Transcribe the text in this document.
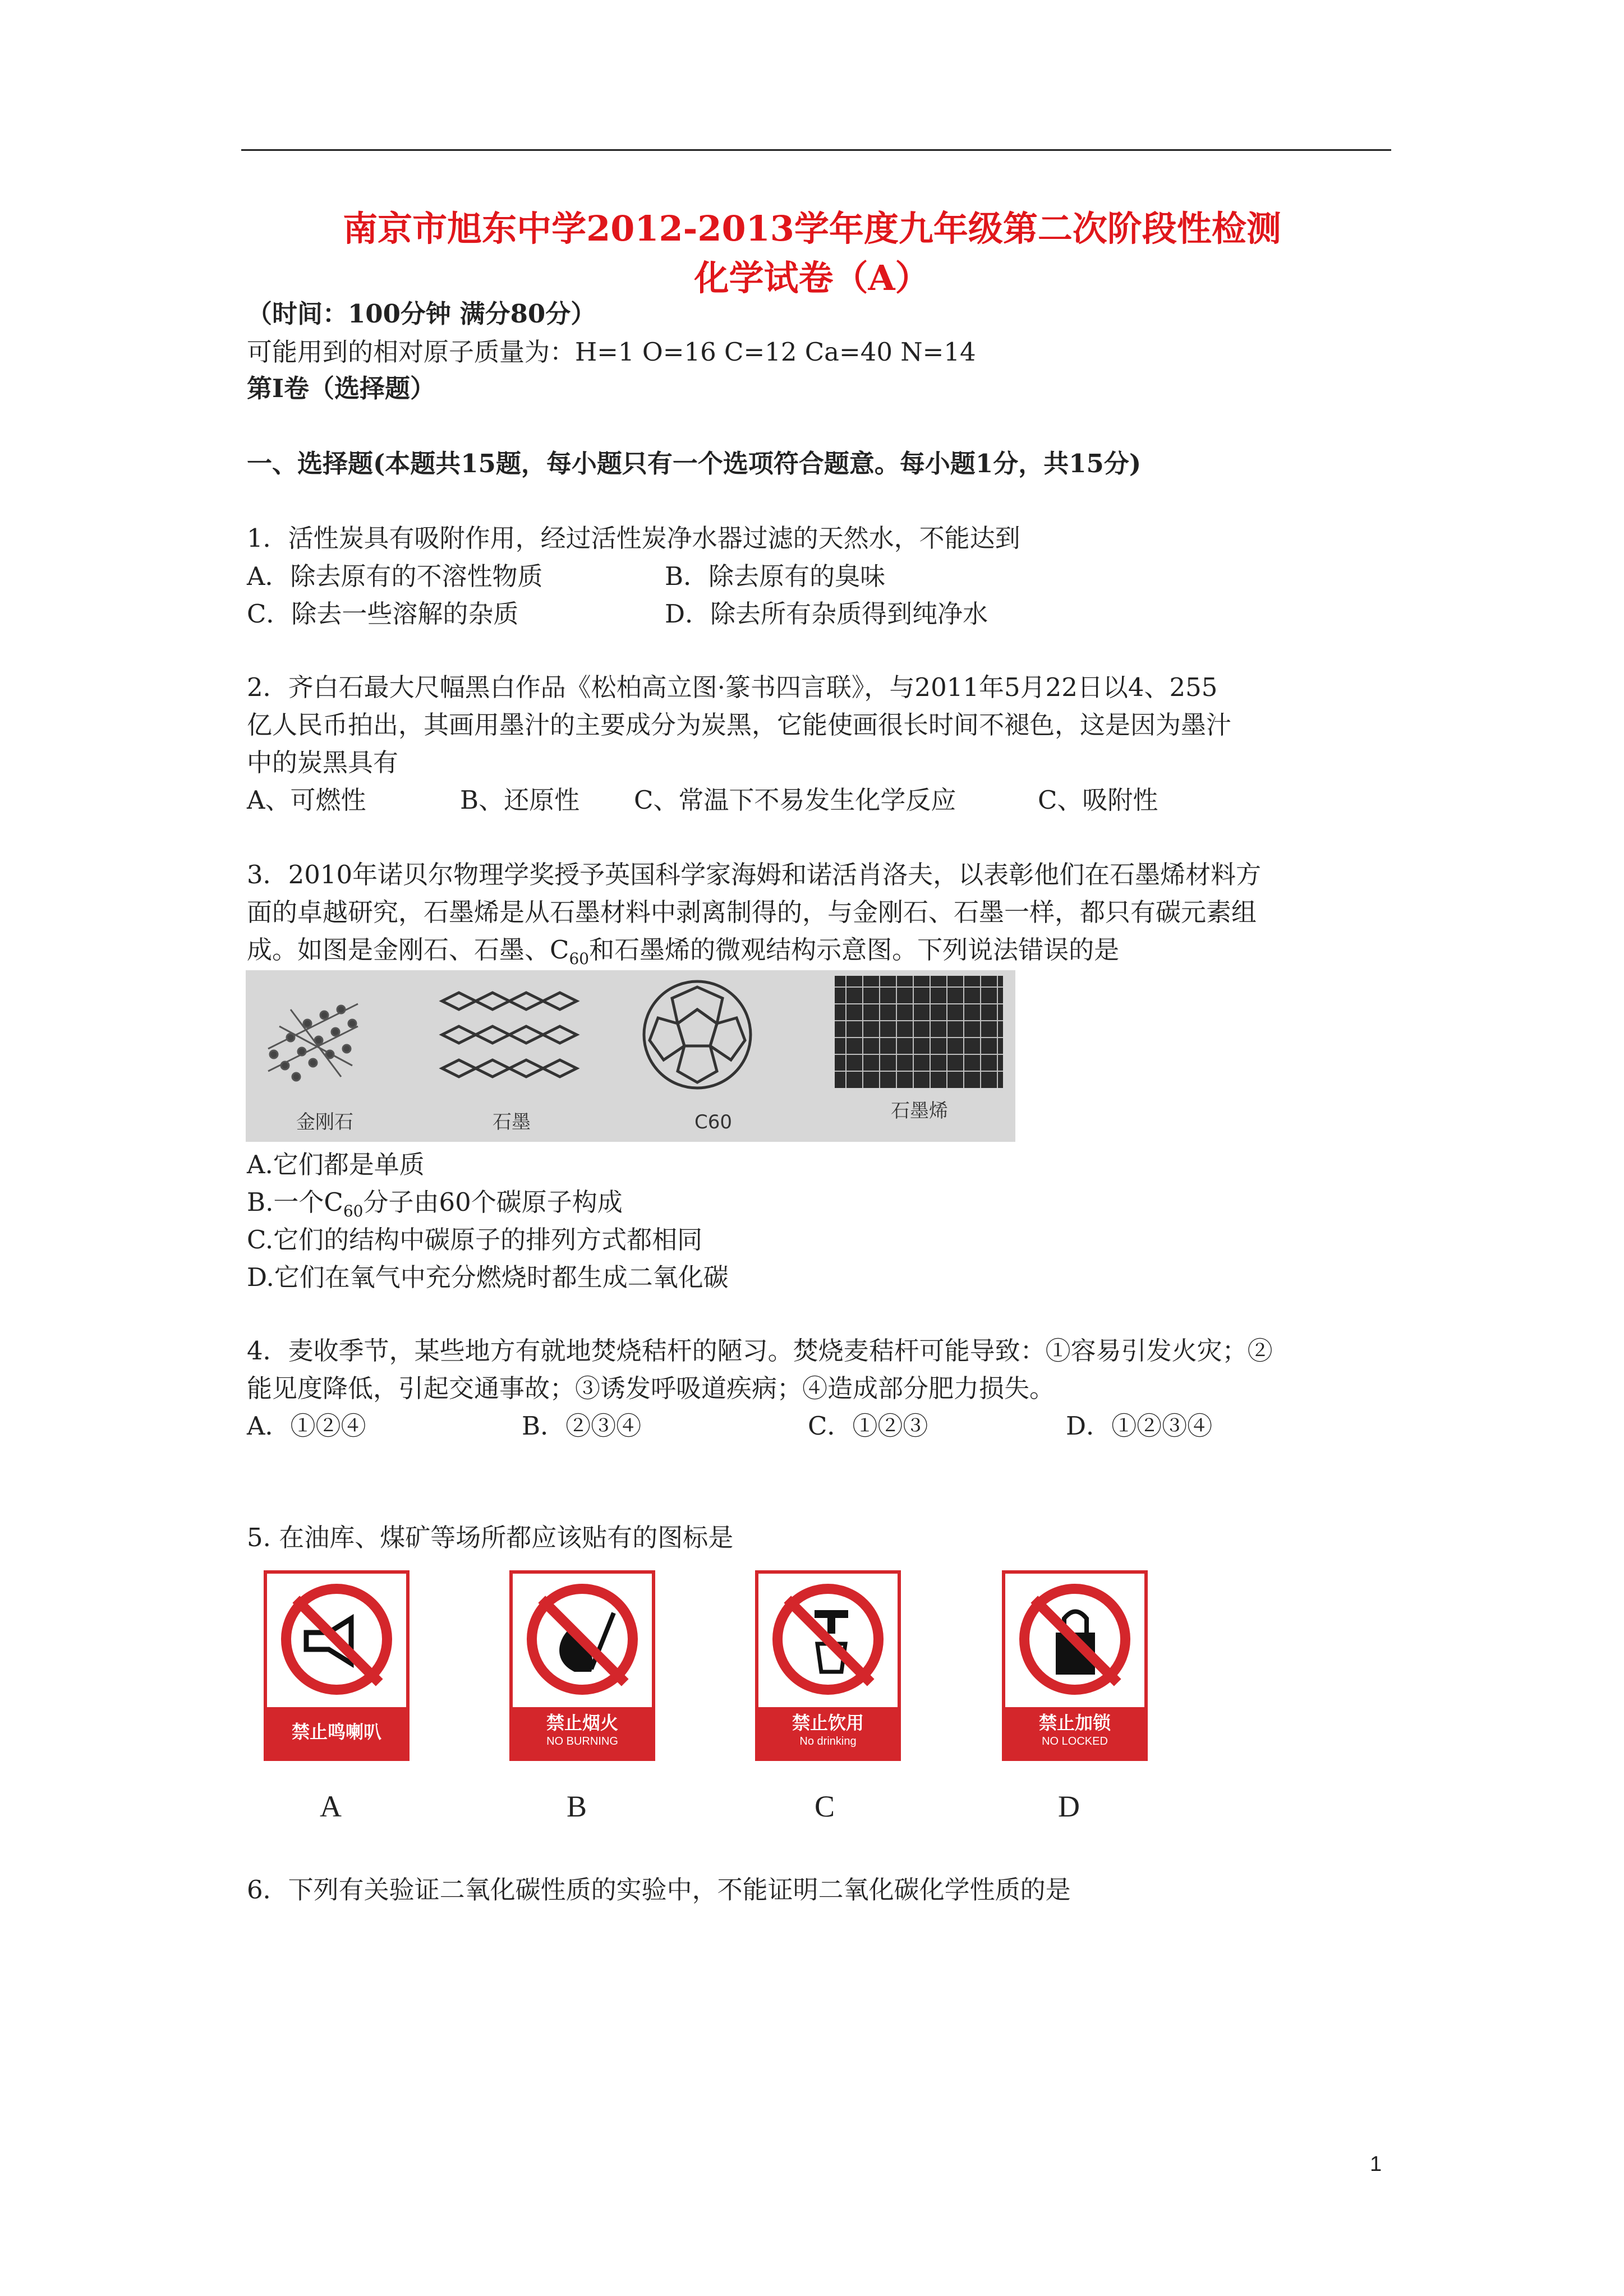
南京市旭东中学2012-2013学年度九年级第二次阶段性检测
化学试卷（A）
（时间：100分钟 满分80分）
可能用到的相对原子质量为：H=1 O=16 C=12 Ca=40 N=14
第Ⅰ卷（选择题）
一、选择题(本题共15题，每小题只有一个选项符合题意。每小题1分，共15分)
1．活性炭具有吸附作用，经过活性炭净水器过滤的天然水，不能达到
A．除去原有的不溶性物质	B．除去原有的臭味
C．除去一些溶解的杂质	D．除去所有杂质得到纯净水
2．齐白石最大尺幅黑白作品《松柏高立图·篆书四言联》，与2011年5月22日以4、255
亿人民币拍出，其画用墨汁的主要成分为炭黑，它能使画很长时间不褪色，这是因为墨汁
中的炭黑具有
A、可燃性	B、还原性 C、常温下不易发生化学反应	C、吸附性
3．2010年诺贝尔物理学奖授予英国科学家海姆和诺活肖洛夫，以表彰他们在石墨烯材料方
面的卓越研究，石墨烯是从石墨材料中剥离制得的，与金刚石、石墨一样，都只有碳元素组
成。如图是金刚石、石墨、$C_{60}$和石墨烯的微观结构示意图。下列说法错误的是
金刚石	石墨	C60	石墨烯
A.它们都是单质
B.一个$C_{60}$分子由60个碳原子构成
C.它们的结构中碳原子的排列方式都相同
D.它们在氧气中充分燃烧时都生成二氧化碳
4．麦收季节，某些地方有就地焚烧秸杆的陋习。焚烧麦秸杆可能导致：①容易引发火灾；②
能见度降低，引起交通事故；③诱发呼吸道疾病；④造成部分肥力损失。
A．①②④	B．②③④	C．①②③	D．①②③④
5. 在油库、煤矿等场所都应该贴有的图标是
禁止鸣喇叭
A
禁止烟火
NO BURNING
B
禁止饮用
No drinking
C
禁止加锁
NO LOCKED
D
6．下列有关验证二氧化碳性质的实验中，不能证明二氧化碳化学性质的是
1
